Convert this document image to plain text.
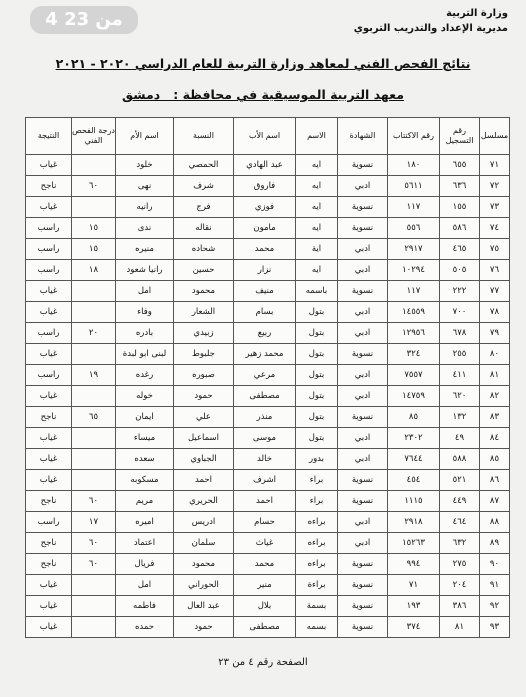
4 من 23	وزارة التربية
مديرية الإعداد والتدريب التربوي
نتائج الفحص الفني لمعاهد وزارة التربية للعام الدراسي ٢٠٢٠ - ٢٠٢١
معهد التربية الموسيقية في محافظة :   دمشق
مسلسل	رقم التسجيل	رقم الاكتتاب	الشهادة	الاسم	اسم الأب	النسبة	اسم الأم	درجة الفحص الفني	النتيجة
٧١	٦٥٥	١٨٠	نسوية	ايه	عبد الهادي	الحمصي	خلود		غياب
٧٢	٦٣٦	٥٦١١	ادبي	ايه	فاروق	شرف	نهى	٦٠	ناجح
٧٣	١٥٥	١١٧	نسوية	ايه	فوزي	فرج	رانيه		غياب
٧٤	٥٨٦	٥٥٦	نسوية	ايه	مامون	نقاله	ندى	١٥	راسب
٧٥	٤٦٥	٢٩١٧	ادبي	اية	محمد	شحاده	منيره	١٥	راسب
٧٦	٥٠٥	١٠٢٩٤	ادبي	ايه	نزار	حسين	رانيا شعود	١٨	راسب
٧٧	٢٢٢	١١٧	نسوية	باسمه	منيف	محمود	امل		غياب
٧٨	٧٠٠	١٤٥٥٩	ادبي	بتول	بسام	الشعار	وفاء		غياب
٧٩	٦٧٨	١٢٩٥٦	ادبي	بتول	ربيع	زبيدي	بادره	٢٠	راسب
٨٠	٢٥٥	٣٢٤	نسوية	بتول	محمد زهير	جلبوط	لبنى ابو لبدة		غياب
٨١	٤١١	٧٥٥٧	ادبي	بتول	مرعي	صبوره	رغده	١٩	راسب
٨٢	٦٢٠	١٤٧٥٩	ادبي	بتول	مصطفى	حمود	خوله		غياب
٨٣	١٣٢	٨٥	نسوية	بتول	منذر	علي	ايمان	٦٥	ناجح
٨٤	٤٩	٢٣٠٢	ادبي	بتول	موسى	اسماعيل	ميساء		غياب
٨٥	٥٨٨	٧٦٤٤	ادبي	بدور	خالد	الجباوي	سعده		غياب
٨٦	٥٢١	٤٥٤	نسوية	براء	اشرف	احمد	مسكوبه		غياب
٨٧	٤٤٩	١١١٥	نسوية	براء	احمد	الحريري	مريم	٦٠	ناجح
٨٨	٤٦٤	٢٩١٨	ادبي	براءه	حسام	ادريس	اميره	١٧	راسب
٨٩	٦٣٢	١٥٢٦٣	ادبي	براءه	غياث	سلمان	اعتماد	٦٠	ناجح
٩٠	٢٧٥	٩٩٤	نسوية	براءه	محمد	محمود	فريال	٦٠	ناجح
٩١	٢٠٤	٧١	نسوية	براءة	منير	الحوراني	امل		غياب
٩٢	٣٨٦	١٩٣	نسوية	بسمة	بلال	عبد العال	فاطمه		غياب
٩٣	٨١	٣٧٤	نسوية	بسمه	مصطفى	حمود	حمده		غياب
الصفحة رقم ٤ من ٢٣
